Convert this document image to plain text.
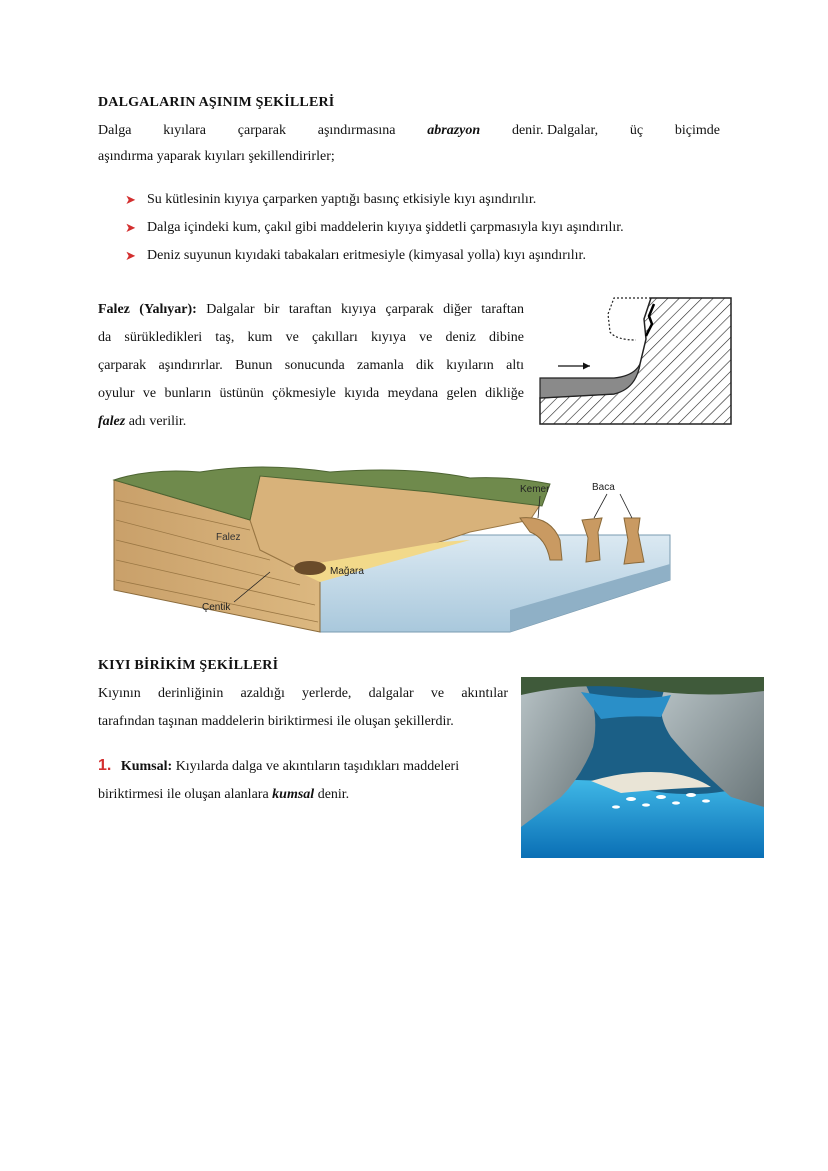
DALGALARIN AŞINIM ŞEKİLLERİ
Dalga kıyılara çarparak aşındırmasına abrazyon denir. Dalgalar, üç biçimde
aşındırma yaparak kıyıları şekillendirirler;
➤ Su kütlesinin kıyıya çarparken yaptığı basınç etkisiyle kıyı aşındırılır.
➤ Dalga içindeki kum, çakıl gibi maddelerin kıyıya şiddetli çarpmasıyla kıyı aşındırılır.
➤ Deniz suyunun kıyıdaki tabakaları eritmesiyle (kimyasal yolla) kıyı aşındırılır.
Falez (Yalıyar): Dalgalar bir taraftan kıyıya çarparak diğer taraftan
da sürükledikleri taş, kum ve çakılları kıyıya ve deniz dibine
çarparak aşındırırlar. Bunun sonucunda zamanla dik kıyıların altı
oyulur ve bunların üstünün çökmesiyle kıyıda meydana gelen dikliğe
falez adı verilir.
Falez
Kemer	Baca
Mağara
Çentik
KIYI BİRİKİM ŞEKİLLERİ
Kıyının derinliğinin azaldığı yerlerde, dalgalar ve akıntılar
tarafından taşınan maddelerin biriktirmesi ile oluşan şekillerdir.
1. Kumsal: Kıyılarda dalga ve akıntıların taşıdıkları maddeleri
biriktirmesi ile oluşan alanlara kumsal denir.
